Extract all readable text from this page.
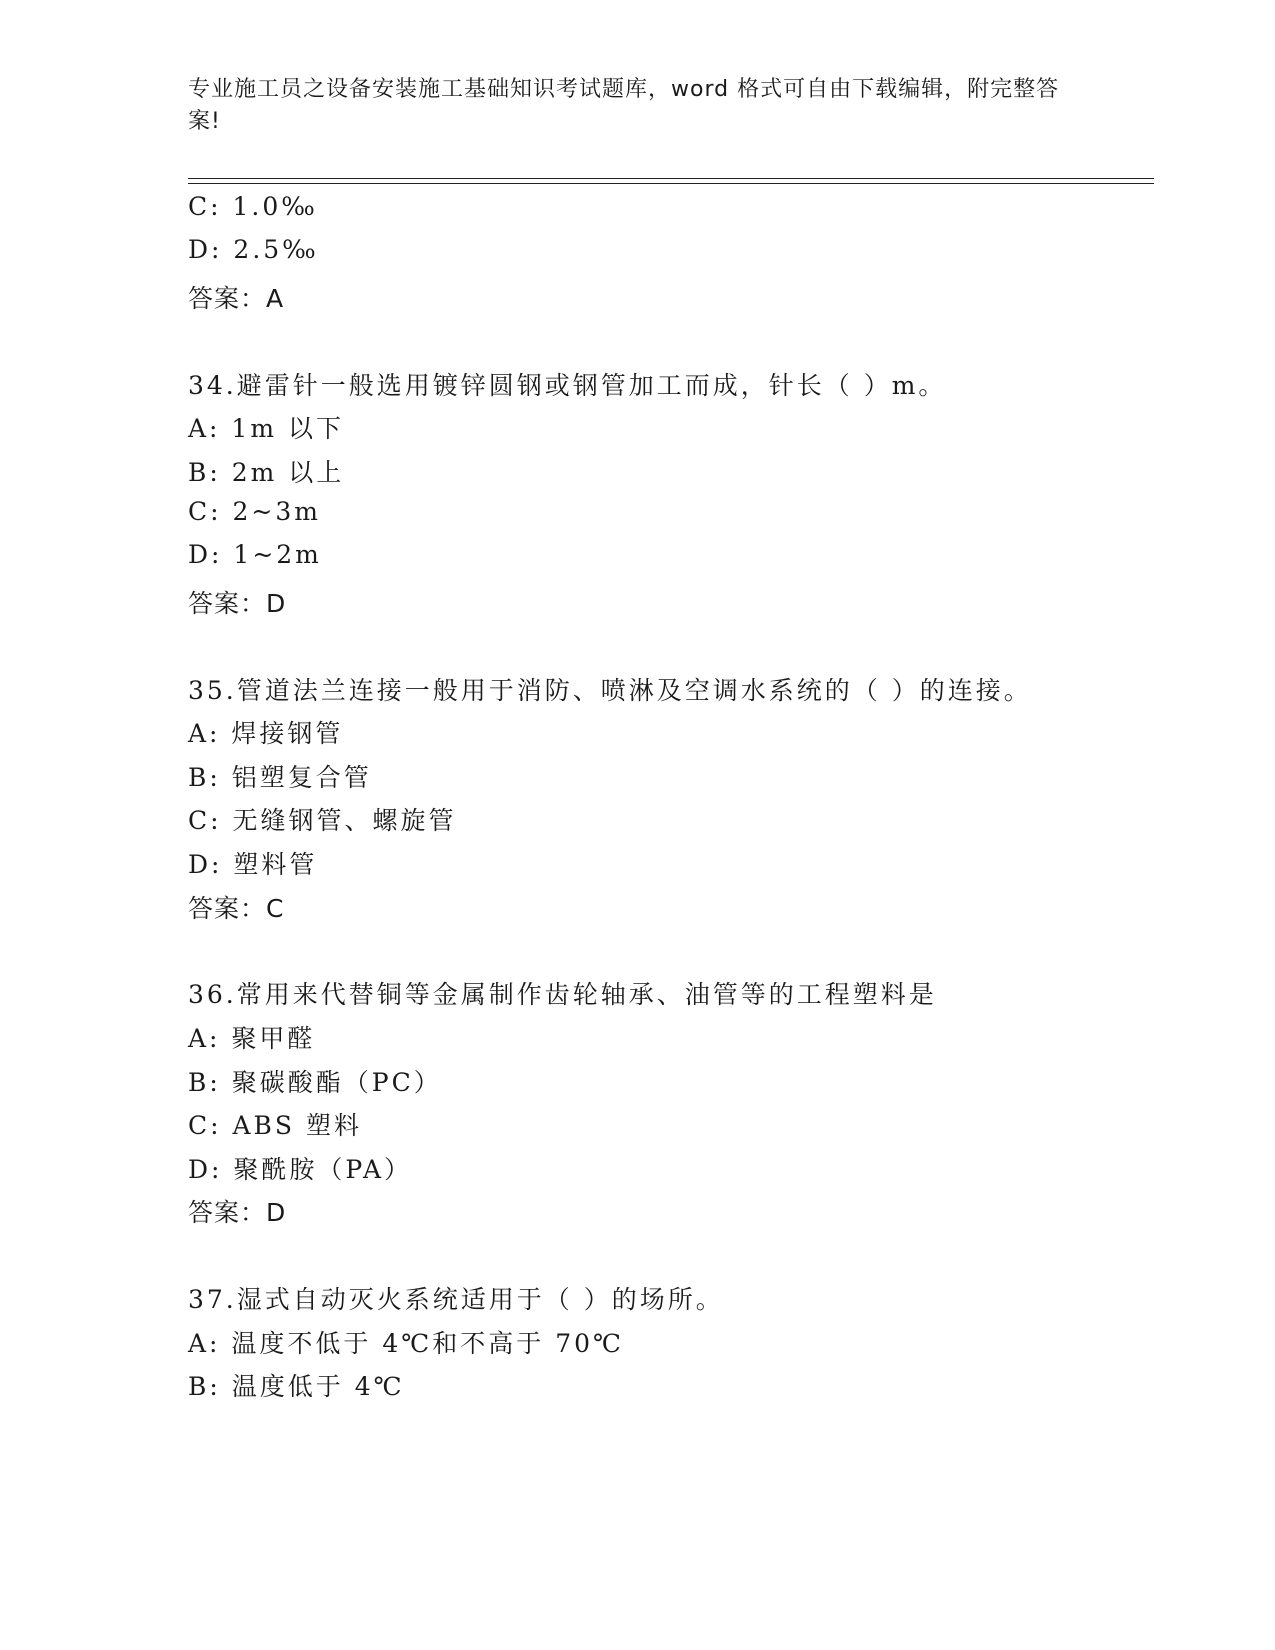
专业施工员之设备安装施工基础知识考试题库，word 格式可自由下载编辑，附完整答案!
C: 1.0‰
D: 2.5‰
答案：A
34.避雷针一般选用镀锌圆钢或钢管加工而成，针长（ ）m。
A: 1m 以下
B: 2m 以上
C: 2~3m
D: 1~2m
答案：D
35.管道法兰连接一般用于消防、喷淋及空调水系统的（ ）的连接。
A: 焊接钢管
B: 铝塑复合管
C: 无缝钢管、螺旋管
D: 塑料管
答案：C
36.常用来代替铜等金属制作齿轮轴承、油管等的工程塑料是
A: 聚甲醛
B: 聚碳酸酯（PC）
C: ABS 塑料
D: 聚酰胺（PA）
答案：D
37.湿式自动灭火系统适用于（ ）的场所。
A: 温度不低于 4℃和不高于 70℃
B: 温度低于 4℃
